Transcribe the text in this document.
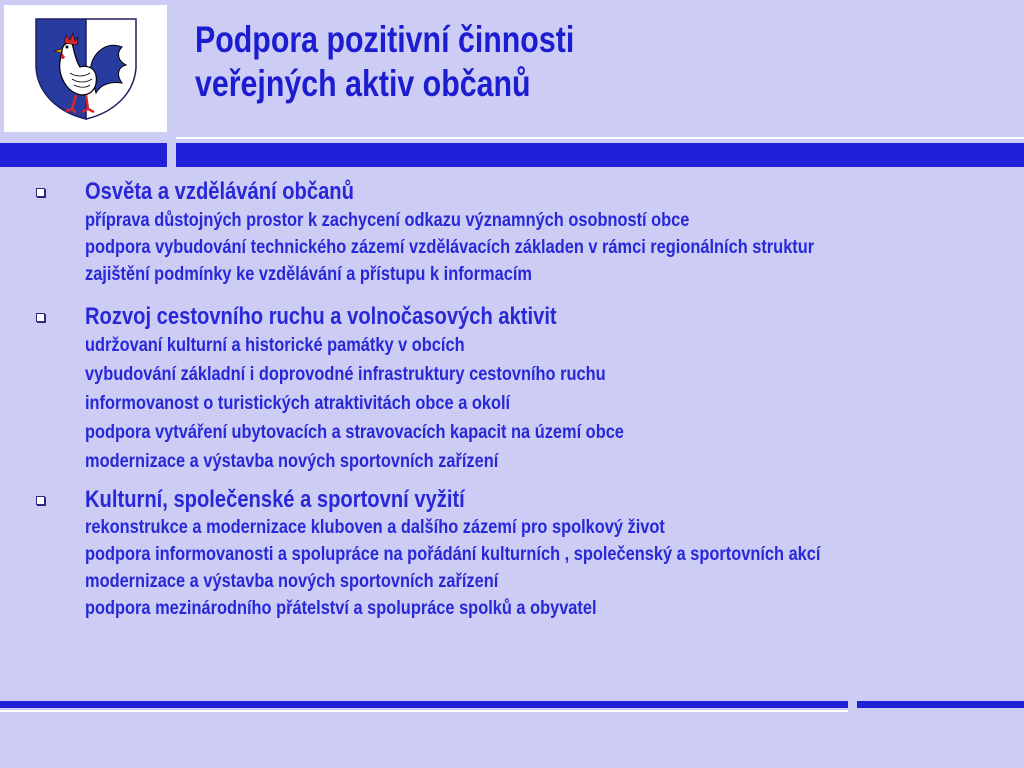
Podpora pozitivní činnosti
veřejných aktiv občanů
Osvěta a vzdělávání občanů
příprava důstojných prostor k zachycení odkazu významných osobností obce
podpora vybudování technického zázemí vzdělávacích základen v rámci regionálních struktur
zajištění podmínky ke vzdělávání a přístupu k informacím
Rozvoj cestovního ruchu a volnočasových aktivit
udržovaní kulturní a historické památky v obcích
vybudování základní i doprovodné infrastruktury cestovního ruchu
informovanost o turistických atraktivitách obce a okolí
podpora vytváření ubytovacích a stravovacích kapacit na území obce
modernizace a výstavba nových sportovních zařízení
Kulturní, společenské a sportovní vyžití
rekonstrukce a modernizace kluboven a dalšího zázemí pro spolkový život
podpora informovanosti a spolupráce na pořádání kulturních , společenský a sportovních akcí
modernizace a výstavba nových sportovních zařízení
podpora mezinárodního přátelství a spolupráce spolků a obyvatel
